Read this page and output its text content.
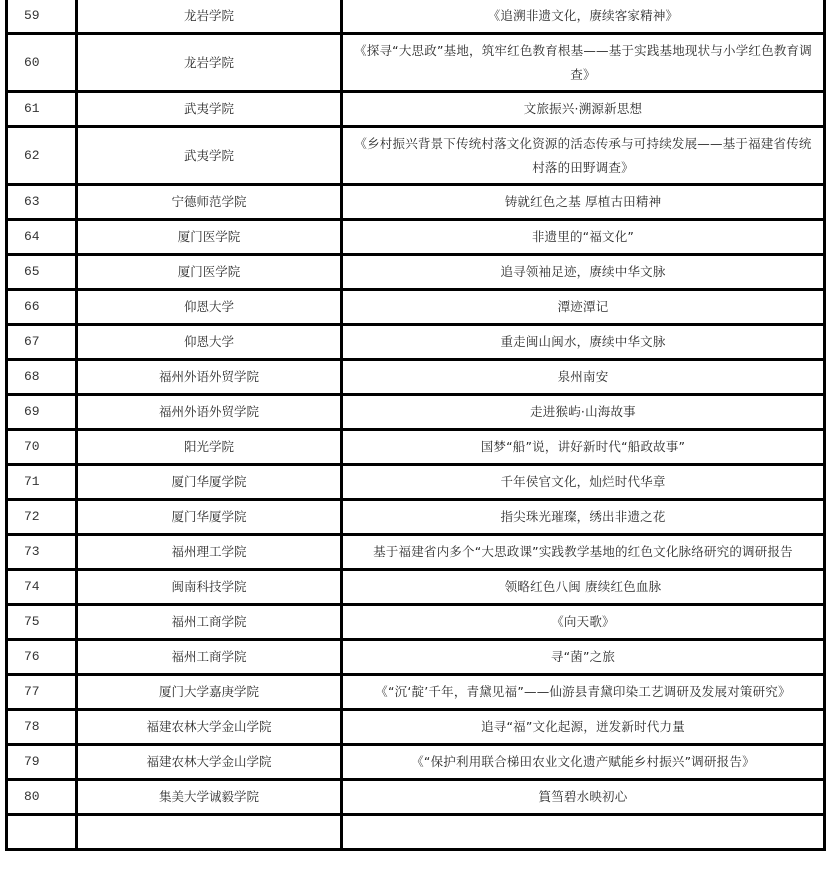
59	龙岩学院	《追溯非遗文化，赓续客家精神》
60	龙岩学院	《探寻“大思政”基地，筑牢红色教育根基——基于实践基地现状与小学红色教育调查》
61	武夷学院	文旅振兴·溯源新思想
62	武夷学院	《乡村振兴背景下传统村落文化资源的活态传承与可持续发展——基于福建省传统村落的田野调查》
63	宁德师范学院	铸就红色之基 厚植古田精神
64	厦门医学院	非遗里的“福文化”
65	厦门医学院	追寻领袖足迹，赓续中华文脉
66	仰恩大学	潭迹潭记
67	仰恩大学	重走闽山闽水，赓续中华文脉
68	福州外语外贸学院	泉州南安
69	福州外语外贸学院	走进猴屿·山海故事
70	阳光学院	国梦“船”说，讲好新时代“船政故事”
71	厦门华厦学院	千年侯官文化，灿烂时代华章
72	厦门华厦学院	指尖珠光璀璨，绣出非遗之花
73	福州理工学院	基于福建省内多个“大思政课”实践教学基地的红色文化脉络研究的调研报告
74	闽南科技学院	领略红色八闽 赓续红色血脉
75	福州工商学院	《向天歌》
76	福州工商学院	寻“菌”之旅
77	厦门大学嘉庚学院	《“沉‘靛’千年，青黛见福”——仙游县青黛印染工艺调研及发展对策研究》
78	福建农林大学金山学院	追寻“福”文化起源，迸发新时代力量
79	福建农林大学金山学院	《“保护利用联合梯田农业文化遗产赋能乡村振兴”调研报告》
80	集美大学诚毅学院	篔筜碧水映初心
